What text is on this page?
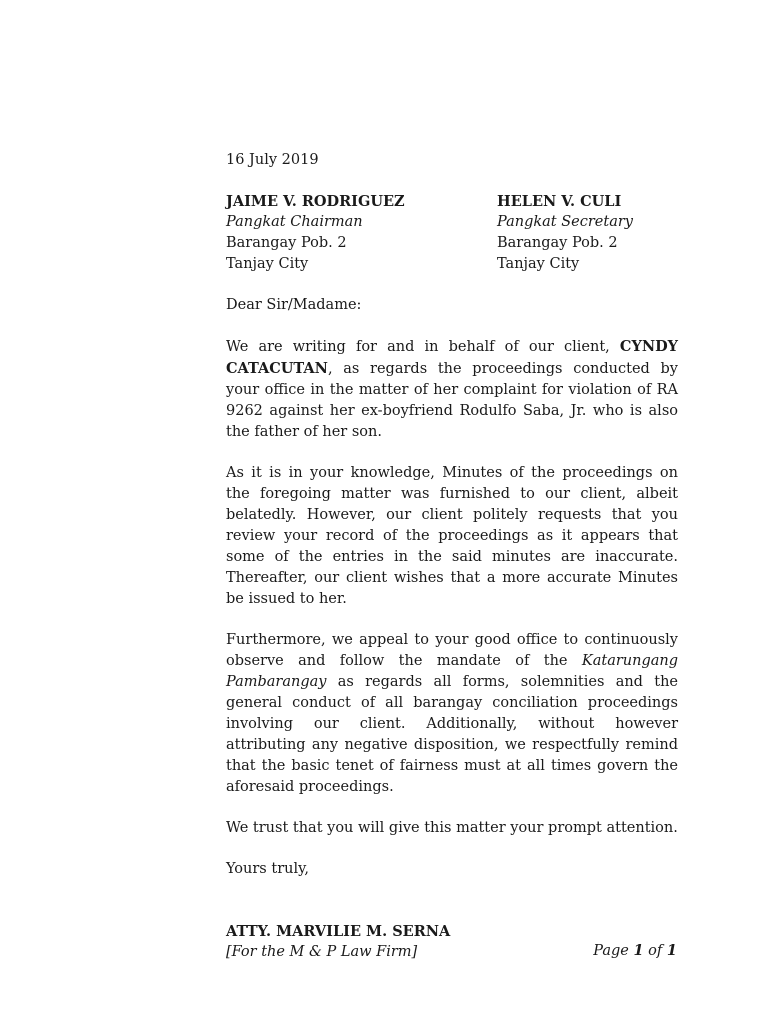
16 July 2019

JAIME V. RODRIGUEZ
Pangkat Chairman
Barangay Pob. 2
Tanjay City
HELEN V. CULI
Pangkat Secretary
Barangay Pob. 2
Tanjay City

Dear Sir/Madame:

We are writing for and in behalf of our client, CYNDY CATACUTAN, as regards the proceedings conducted by your office in the matter of her complaint for violation of RA 9262 against her ex-boyfriend Rodulfo Saba, Jr. who is also the father of her son.

As it is in your knowledge, Minutes of the proceedings on the foregoing matter was furnished to our client, albeit belatedly. However, our client politely requests that you review your record of the proceedings as it appears that some of the entries in the said minutes are inaccurate. Thereafter, our client wishes that a more accurate Minutes be issued to her.

Furthermore, we appeal to your good office to continuously observe and follow the mandate of the Katarungang Pambarangay as regards all forms, solemnities and the general conduct of all barangay conciliation proceedings involving our client. Additionally, without however attributing any negative disposition, we respectfully remind that the basic tenet of fairness must at all times govern the aforesaid proceedings.

We trust that you will give this matter your prompt attention.

Yours truly,

ATTY. MARVILIE M. SERNA

[For the M & P Law Firm]	Page 1 of 1
